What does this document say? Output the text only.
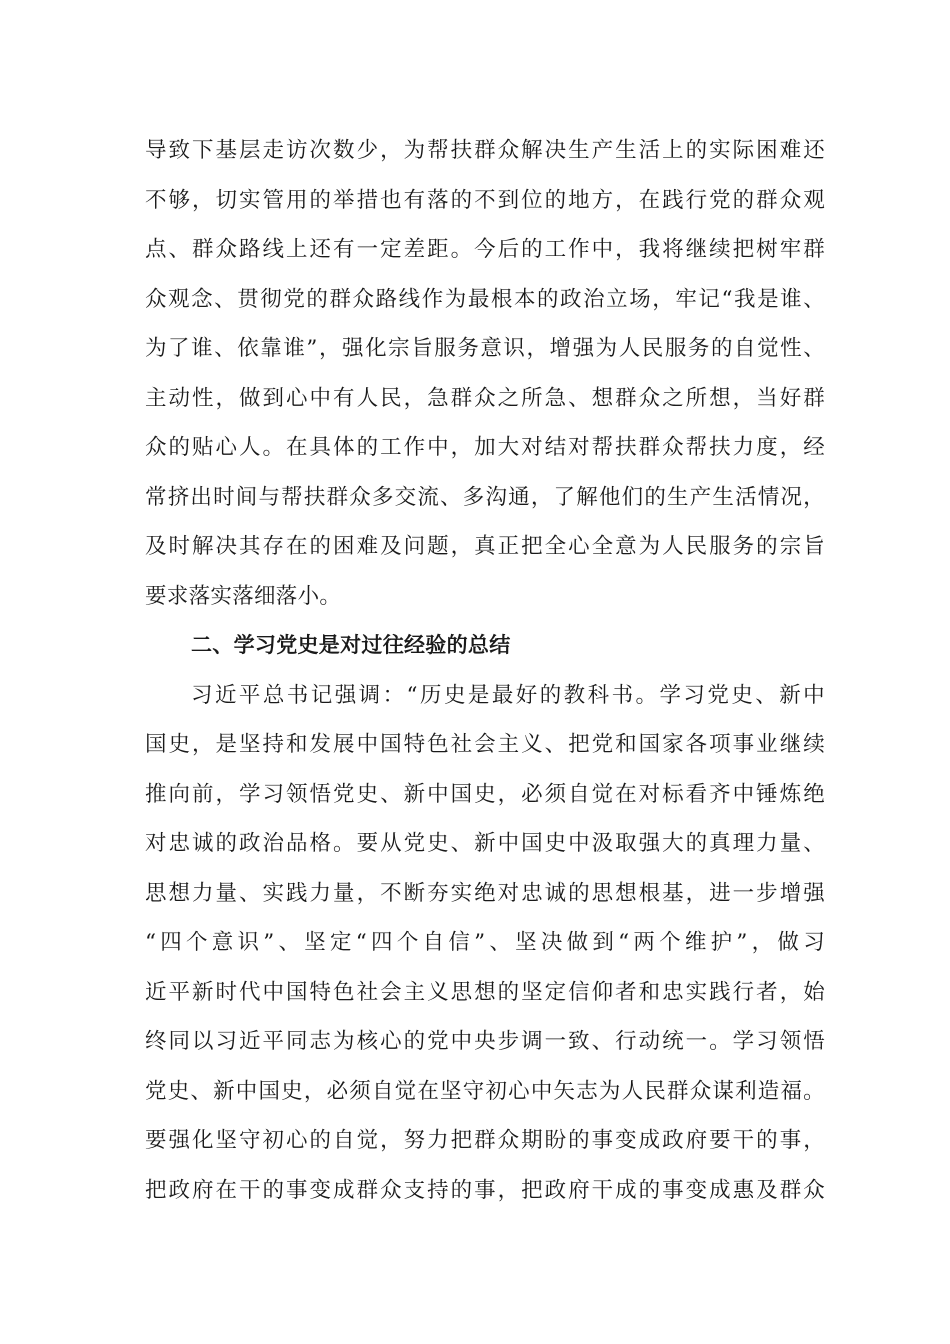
导致下基层走访次数少，为帮扶群众解决生产生活上的实际困难还
不够，切实管用的举措也有落的不到位的地方，在践行党的群众观
点、群众路线上还有一定差距。今后的工作中，我将继续把树牢群
众观念、贯彻党的群众路线作为最根本的政治立场，牢记“我是谁、
为了谁、依靠谁”，强化宗旨服务意识，增强为人民服务的自觉性、
主动性，做到心中有人民，急群众之所急、想群众之所想，当好群
众的贴心人。在具体的工作中，加大对结对帮扶群众帮扶力度，经
常挤出时间与帮扶群众多交流、多沟通，了解他们的生产生活情况，
及时解决其存在的困难及问题，真正把全心全意为人民服务的宗旨
要求落实落细落小。
二、学习党史是对过往经验的总结
习近平总书记强调：“历史是最好的教科书。学习党史、新中
国史，是坚持和发展中国特色社会主义、把党和国家各项事业继续
推向前，学习领悟党史、新中国史，必须自觉在对标看齐中锤炼绝
对忠诚的政治品格。要从党史、新中国史中汲取强大的真理力量、
思想力量、实践力量，不断夯实绝对忠诚的思想根基，进一步增强
“四个意识”、坚定“四个自信”、坚决做到“两个维护”，做习
近平新时代中国特色社会主义思想的坚定信仰者和忠实践行者，始
终同以习近平同志为核心的党中央步调一致、行动统一。学习领悟
党史、新中国史，必须自觉在坚守初心中矢志为人民群众谋利造福。
要强化坚守初心的自觉，努力把群众期盼的事变成政府要干的事，
把政府在干的事变成群众支持的事，把政府干成的事变成惠及群众
